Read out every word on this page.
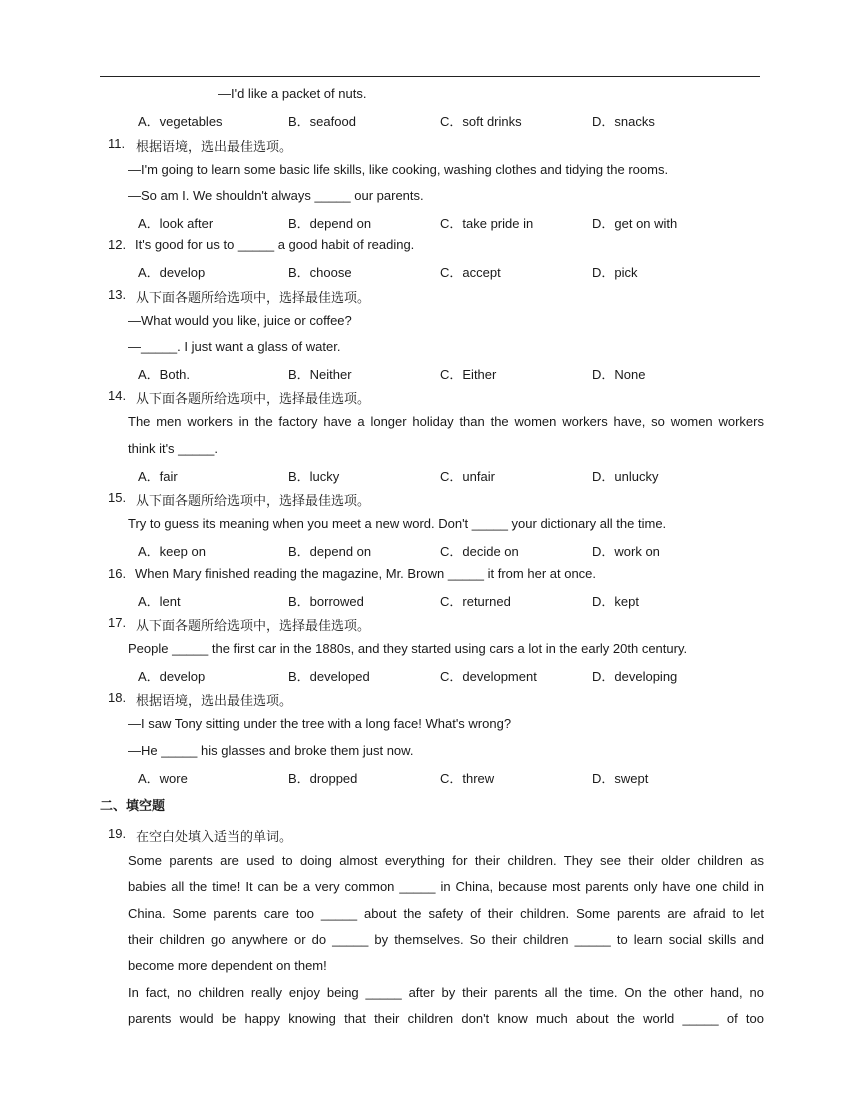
—I'd like a packet of nuts.
A．vegetables	B．seafood	C．soft drinks	D．snacks
11. 根据语境，选出最佳选项。
—I'm going to learn some basic life skills, like cooking, washing clothes and tidying the rooms.
—So am I. We shouldn't always _____ our parents.
A．look after	B．depend on	C．take pride in	D．get on with
12. It's good for us to _____ a good habit of reading.
A．develop	B．choose	C．accept	D．pick
13. 从下面各题所给选项中，选择最佳选项。
—What would you like, juice or coffee?
—_____. I just want a glass of water.
A．Both.	B．Neither	C．Either	D．None
14. 从下面各题所给选项中，选择最佳选项。
The men workers in the factory have a longer holiday than the women workers have, so women workers
think it's _____.
A．fair	B．lucky	C．unfair	D．unlucky
15. 从下面各题所给选项中，选择最佳选项。
Try to guess its meaning when you meet a new word. Don't _____ your dictionary all the time.
A．keep on	B．depend on	C．decide on	D．work on
16. When Mary finished reading the magazine, Mr. Brown _____ it from her at once.
A．lent	B．borrowed	C．returned	D．kept
17. 从下面各题所给选项中，选择最佳选项。
People _____ the first car in the 1880s, and they started using cars a lot in the early 20th century.
A．develop	B．developed	C．development	D．developing
18. 根据语境，选出最佳选项。
—I saw Tony sitting under the tree with a long face! What's wrong?
—He _____ his glasses and broke them just now.
A．wore	B．dropped	C．threw	D．swept
二、填空题
19. 在空白处填入适当的单词。
Some parents are used to doing almost everything for their children. They see their older children as
babies all the time! It can be a very common _____ in China, because most parents only have one child in
China. Some parents care too _____ about the safety of their children. Some parents are afraid to let
their children go anywhere or do _____ by themselves. So their children _____ to learn social skills and
become more dependent on them!
In fact, no children really enjoy being _____ after by their parents all the time. On the other hand, no
parents would be happy knowing that their children don't know much about the world _____ of too
